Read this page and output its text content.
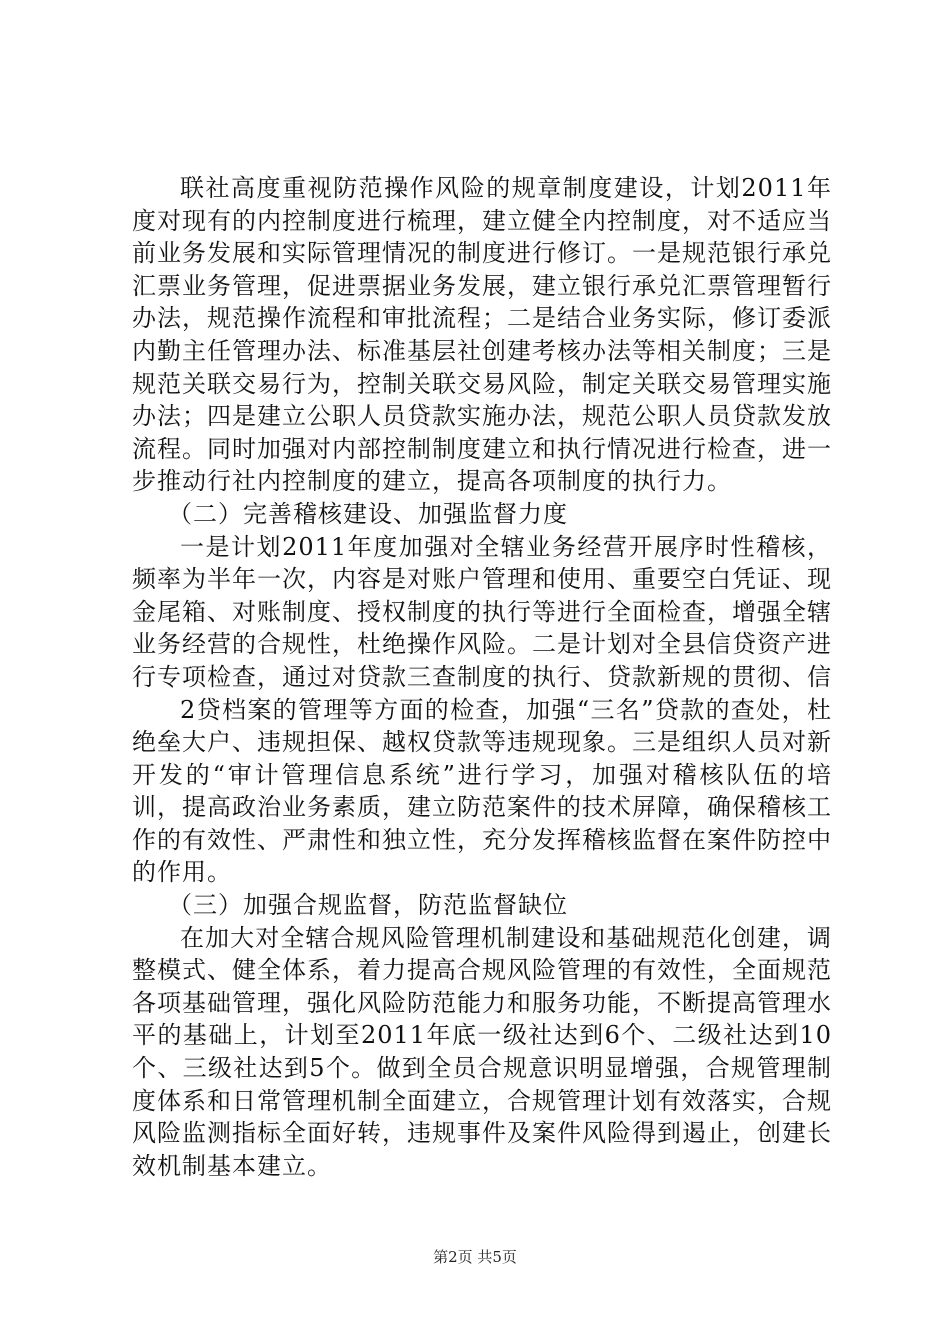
联社高度重视防范操作风险的规章制度建设，计划2011年度对现有的内控制度进行梳理，建立健全内控制度，对不适应当前业务发展和实际管理情况的制度进行修订。一是规范银行承兑汇票业务管理，促进票据业务发展，建立银行承兑汇票管理暂行办法，规范操作流程和审批流程；二是结合业务实际，修订委派内勤主任管理办法、标准基层社创建考核办法等相关制度；三是规范关联交易行为，控制关联交易风险，制定关联交易管理实施办法；四是建立公职人员贷款实施办法，规范公职人员贷款发放流程。同时加强对内部控制制度建立和执行情况进行检查，进一步推动行社内控制度的建立，提高各项制度的执行力。

（二）完善稽核建设、加强监督力度

一是计划2011年度加强对全辖业务经营开展序时性稽核，频率为半年一次，内容是对账户管理和使用、重要空白凭证、现金尾箱、对账制度、授权制度的执行等进行全面检查，增强全辖业务经营的合规性，杜绝操作风险。二是计划对全县信贷资产进行专项检查，通过对贷款三查制度的执行、贷款新规的贯彻、信

2贷档案的管理等方面的检查，加强“三名”贷款的查处，杜绝垒大户、违规担保、越权贷款等违规现象。三是组织人员对新开发的“审计管理信息系统”进行学习，加强对稽核队伍的培训，提高政治业务素质，建立防范案件的技术屏障，确保稽核工作的有效性、严肃性和独立性，充分发挥稽核监督在案件防控中的作用。

（三）加强合规监督，防范监督缺位

在加大对全辖合规风险管理机制建设和基础规范化创建，调整模式、健全体系，着力提高合规风险管理的有效性，全面规范各项基础管理，强化风险防范能力和服务功能，不断提高管理水平的基础上，计划至2011年底一级社达到6个、二级社达到10个、三级社达到5个。做到全员合规意识明显增强，合规管理制度体系和日常管理机制全面建立，合规管理计划有效落实，合规风险监测指标全面好转，违规事件及案件风险得到遏止，创建长效机制基本建立。

第2页 共5页
